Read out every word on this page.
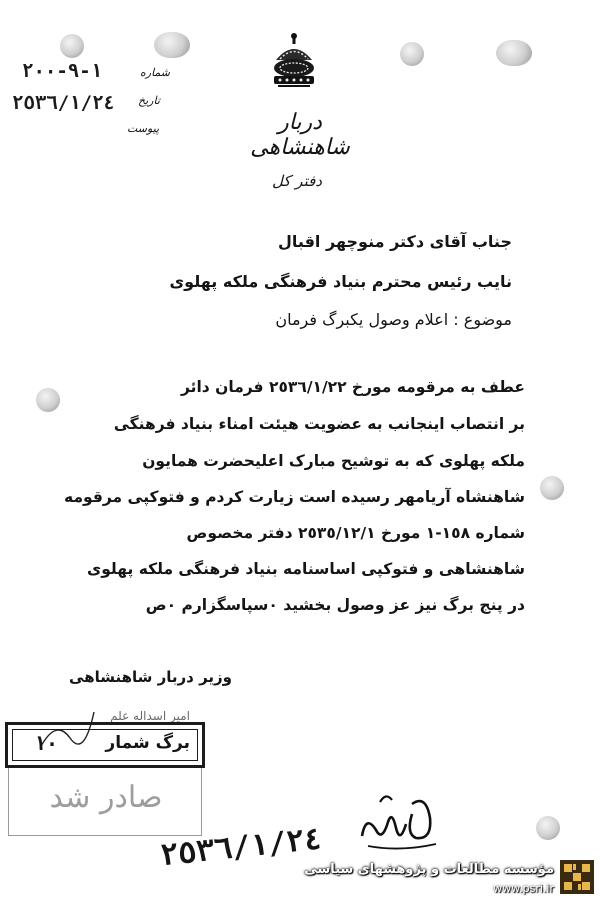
دربار شاهنشاهی
دفتر کل
شماره
تاریخ
پیوست
١-٩-٢٠٠
٢٥٣٦/١/٢٤
جناب آقای دکتر منوچهر اقبال
نایب رئیس محترم بنیاد فرهنگی ملکه پهلوی
موضوع : اعلام وصول یکبرگ فرمان
عطف به مرقومه مورخ ٢٥٣٦/١/٢٢ فرمان دائر
بر انتصاب اینجانب به عضویت هیئت امناء بنیاد فرهنگی
ملکه پهلوی که به توشیح مبارک اعلیحضرت همایون
شاهنشاه آریامهر رسیده است زیارت کردم و فتوکپی مرقومه
شماره ١٥٨-١ مورخ ٢٥٣٥/١٢/١ دفتر مخصوص
شاهنشاهی و فتوکپی اساسنامه بنیاد فرهنگی ملکه پهلوی
در پنج برگ نیز عز وصول بخشید ٠سپاسگزارم ٠ص
وزیر دربار شاهنشاهی
امیر اسداله علم
برگ شمار
١٠
صادر شد
٢٥٣٦/١/٢٤
مؤسسه مطالعات و پژوهشهای سیاسی
www.psri.ir
